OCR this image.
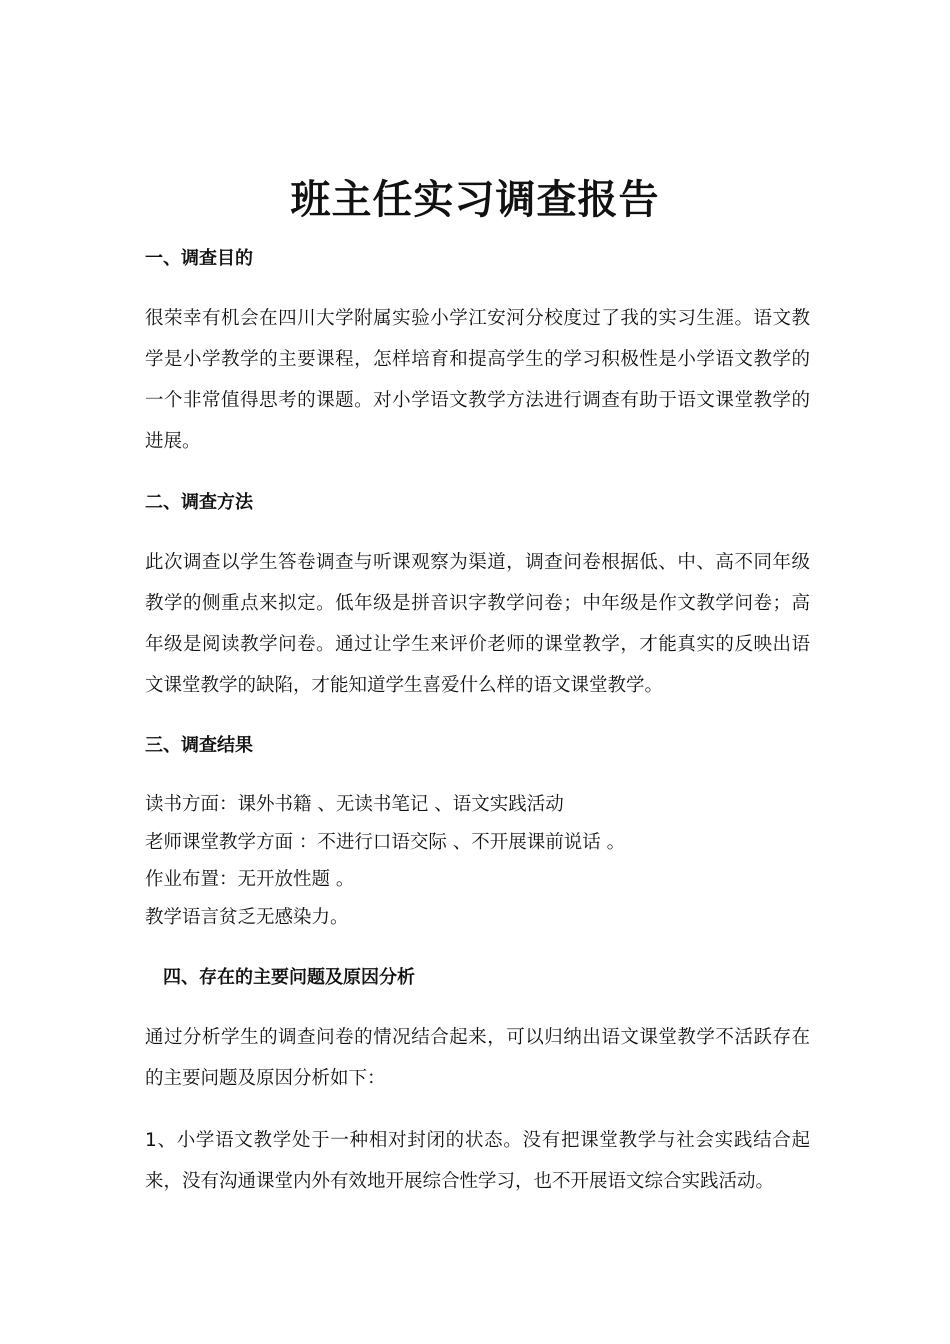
班主任实习调查报告
一、调查目的

很荣幸有机会在四川大学附属实验小学江安河分校度过了我的实习生涯。语文教学是小学教学的主要课程，怎样培育和提高学生的学习积极性是小学语文教学的一个非常值得思考的课题。对小学语文教学方法进行调查有助于语文课堂教学的进展。

二、调查方法

此次调查以学生答卷调查与听课观察为渠道，调查问卷根据低、中、高不同年级教学的侧重点来拟定。低年级是拼音识字教学问卷；中年级是作文教学问卷；高年级是阅读教学问卷。通过让学生来评价老师的课堂教学，才能真实的反映出语文课堂教学的缺陷，才能知道学生喜爱什么样的语文课堂教学。

三、调查结果
读书方面：课外书籍 、无读书笔记 、语文实践活动
老师课堂教学方面 ：不进行口语交际 、不开展课前说话 。
作业布置：无开放性题 。
教学语言贫乏无感染力。
四、存在的主要问题及原因分析

通过分析学生的调查问卷的情况结合起来，可以归纳出语文课堂教学不活跃存在的主要问题及原因分析如下：

1、小学语文教学处于一种相对封闭的状态。没有把课堂教学与社会实践结合起来，没有沟通课堂内外有效地开展综合性学习，也不开展语文综合实践活动。
